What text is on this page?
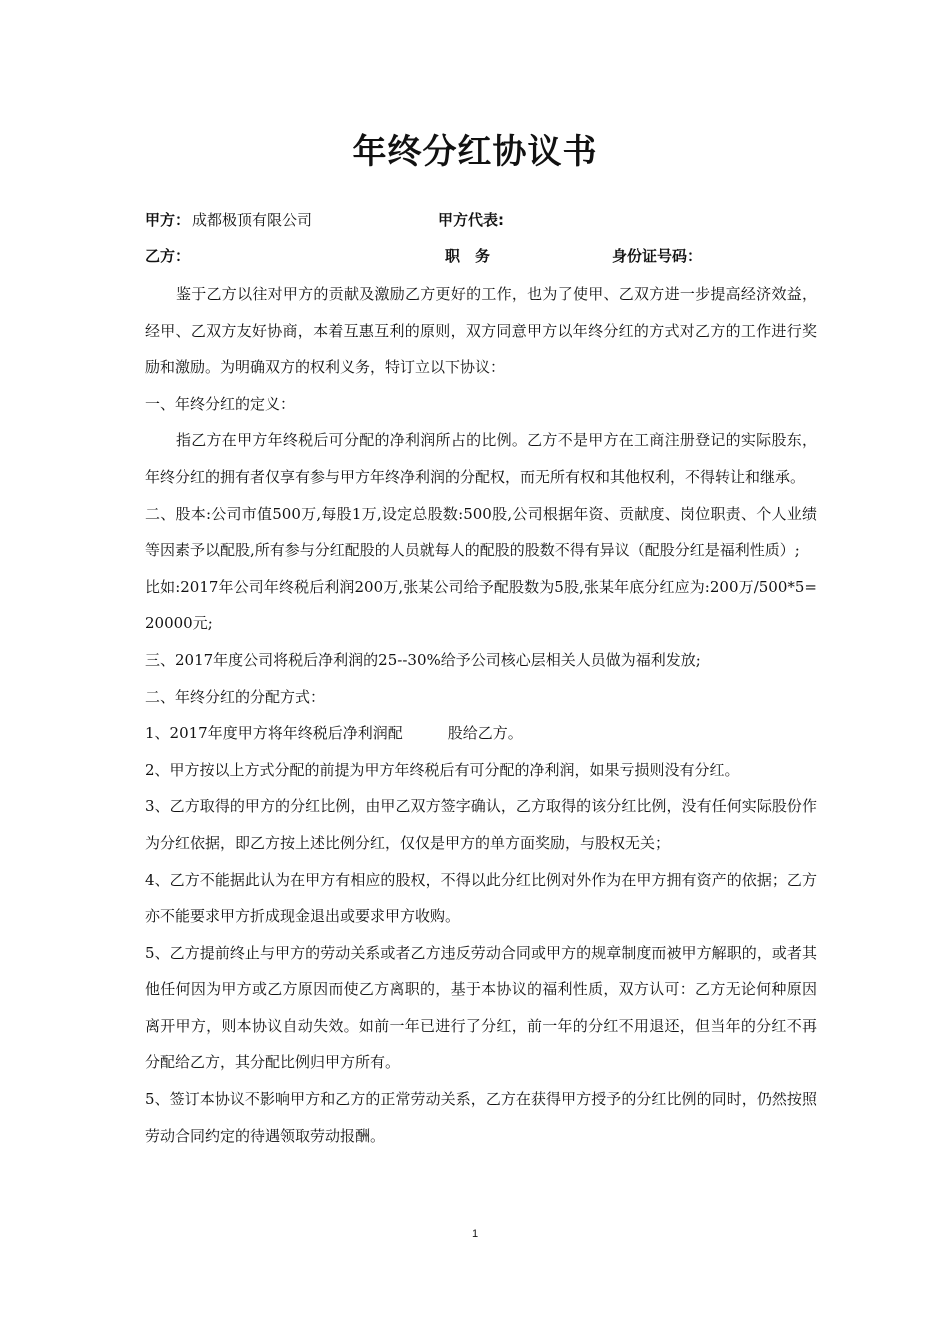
年终分红协议书
甲方： 成都极顶有限公司	甲方代表:
乙方：	职　务	身份证号码：

鉴于乙方以往对甲方的贡献及激励乙方更好的工作，也为了使甲、乙双方进一步提高经济效益，经甲、乙双方友好协商，本着互惠互利的原则，双方同意甲方以年终分红的方式对乙方的工作进行奖励和激励。为明确双方的权利义务，特订立以下协议：

一、年终分红的定义：

指乙方在甲方年终税后可分配的净利润所占的比例。乙方不是甲方在工商注册登记的实际股东，年终分红的拥有者仅享有参与甲方年终净利润的分配权，而无所有权和其他权利，不得转让和继承。

二、股本:公司市值500万,每股1万,设定总股数:500股,公司根据年资、贡献度、岗位职责、个人业绩等因素予以配股,所有参与分红配股的人员就每人的配股的股数不得有异议（配股分红是福利性质）;

比如:2017年公司年终税后利润200万,张某公司给予配股数为5股,张某年底分红应为:200万/500*5=20000元;

三、2017年度公司将税后净利润的25--30%给予公司核心层相关人员做为福利发放;

二、年终分红的分配方式：

1、2017年度甲方将年终税后净利润配　　　股给乙方。

2、甲方按以上方式分配的前提为甲方年终税后有可分配的净利润，如果亏损则没有分红。

3、乙方取得的甲方的分红比例，由甲乙双方签字确认，乙方取得的该分红比例，没有任何实际股份作为分红依据，即乙方按上述比例分红，仅仅是甲方的单方面奖励，与股权无关；

4、乙方不能据此认为在甲方有相应的股权，不得以此分红比例对外作为在甲方拥有资产的依据；乙方亦不能要求甲方折成现金退出或要求甲方收购。

5、乙方提前终止与甲方的劳动关系或者乙方违反劳动合同或甲方的规章制度而被甲方解职的，或者其他任何因为甲方或乙方原因而使乙方离职的，基于本协议的福利性质，双方认可：乙方无论何种原因离开甲方，则本协议自动失效。如前一年已进行了分红，前一年的分红不用退还，但当年的分红不再分配给乙方，其分配比例归甲方所有。

5、签订本协议不影响甲方和乙方的正常劳动关系，乙方在获得甲方授予的分红比例的同时，仍然按照劳动合同约定的待遇领取劳动报酬。

1
